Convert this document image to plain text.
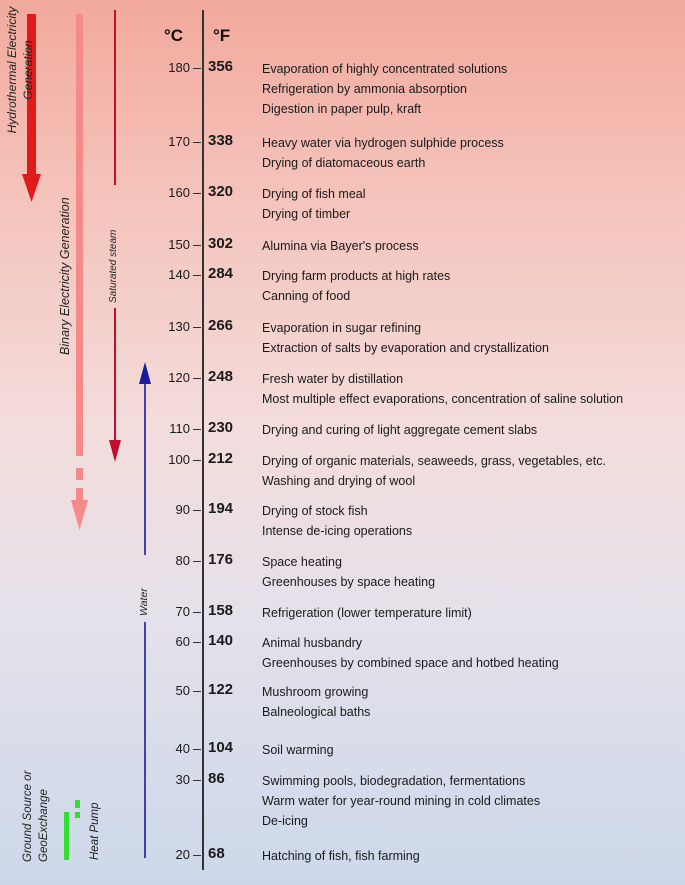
°C °F
Hydrothermal Electricity Generation
Binary Electricity Generation	Saturated steam
Water
Ground Source or GeoExchange	Heat Pump
180 356 Evaporation of highly concentrated solutions
Refrigeration by ammonia absorption
Digestion in paper pulp, kraft
170 338 Heavy water via hydrogen sulphide process
Drying of diatomaceous earth
160 320 Drying of fish meal
Drying of timber
150 302 Alumina via Bayer's process
140 284 Drying farm products at high rates
Canning of food
130 266 Evaporation in sugar refining
Extraction of salts by evaporation and crystallization
120 248 Fresh water by distillation
Most multiple effect evaporations, concentration of saline solution
110 230 Drying and curing of light aggregate cement slabs
100 212 Drying of organic materials, seaweeds, grass, vegetables, etc.
Washing and drying of wool
90 194 Drying of stock fish
Intense de-icing operations
80 176 Space heating
Greenhouses by space heating
70 158 Refrigeration (lower temperature limit)
60 140 Animal husbandry
Greenhouses by combined space and hotbed heating
50 122 Mushroom growing
Balneological baths
40 104 Soil warming
30 86	Swimming pools, biodegradation, fermentations
Warm water for year-round mining in cold climates
De-icing
20 68	Hatching of fish, fish farming
